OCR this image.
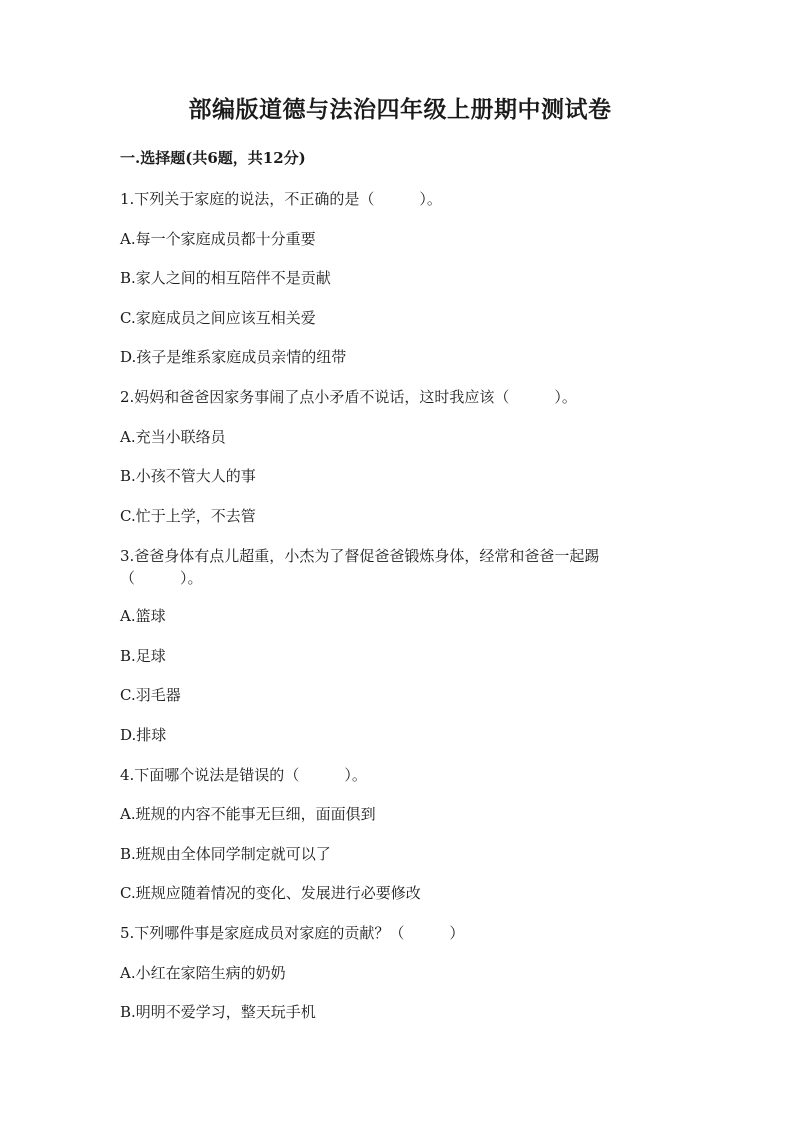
部编版道德与法治四年级上册期中测试卷
一.选择题(共6题，共12分)
1.下列关于家庭的说法，不正确的是（　　　）。
A.每一个家庭成员都十分重要
B.家人之间的相互陪伴不是贡献
C.家庭成员之间应该互相关爱
D.孩子是维系家庭成员亲情的纽带
2.妈妈和爸爸因家务事闹了点小矛盾不说话，这时我应该（　　　）。
A.充当小联络员
B.小孩不管大人的事
C.忙于上学，不去管
3.爸爸身体有点儿超重，小杰为了督促爸爸锻炼身体，经常和爸爸一起踢
（　　　）。
A.篮球
B.足球
C.羽毛器
D.排球
4.下面哪个说法是错误的（　　　）。
A.班规的内容不能事无巨细，面面俱到
B.班规由全体同学制定就可以了
C.班规应随着情况的变化、发展进行必要修改
5.下列哪件事是家庭成员对家庭的贡献？（　　　）
A.小红在家陪生病的奶奶
B.明明不爱学习，整天玩手机
